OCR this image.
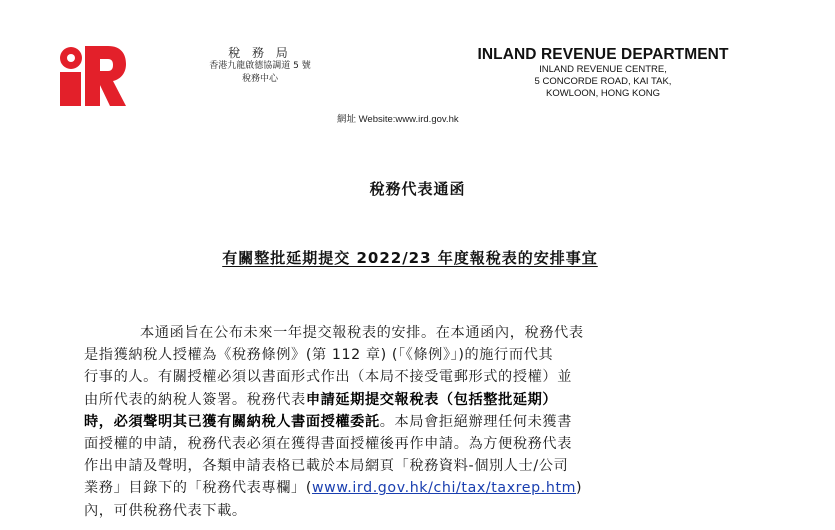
稅 務 局
香港九龍啟德協調道 5 號
稅務中心
INLAND REVENUE DEPARTMENT
INLAND REVENUE CENTRE,
5 CONCORDE ROAD, KAI TAK,
KOWLOON, HONG KONG
網址 Website:www.ird.gov.hk
稅務代表通函
有關整批延期提交 2022/23 年度報稅表的安排事宜
本通函旨在公布未來一年提交報稅表的安排。在本通函內，稅務代表
是指獲納稅人授權為《稅務條例》(第 112 章) (「《條例》」)的施行而代其
行事的人。有關授權必須以書面形式作出（本局不接受電郵形式的授權）並
由所代表的納稅人簽署。稅務代表申請延期提交報稅表（包括整批延期）
時，必須聲明其已獲有關納稅人書面授權委託。本局會拒絕辦理任何未獲書
面授權的申請，稅務代表必須在獲得書面授權後再作申請。為方便稅務代表
作出申請及聲明，各類申請表格已載於本局網頁「稅務資料-個別人士/公司
業務」目錄下的「稅務代表專欄」(www.ird.gov.hk/chi/tax/taxrep.htm)
內，可供稅務代表下載。
